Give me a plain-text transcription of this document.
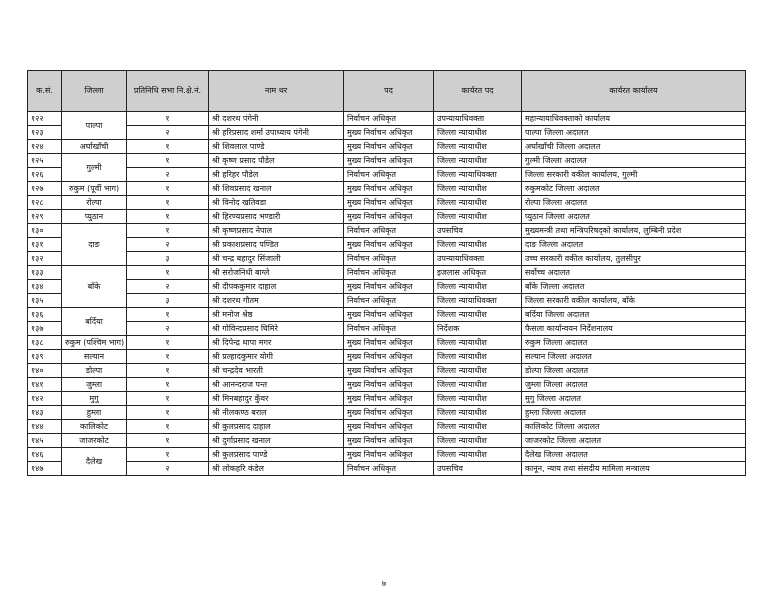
क.सं.	जिल्ला	प्रतिनिधि सभा नि.क्षे.नं.	नाम थर	पद	कार्यरत पद	कार्यरत कार्यालय
१२२	पाल्पा	१	श्री दशरथ पंगेनी	निर्वाचन अधिकृत	उपन्यायाधिवक्ता	महान्यायाधिवक्ताको कार्यालय
१२३		२	श्री हरिप्रसाद शर्मा उपाध्याय पंगेनी	मुख्य निर्वाचन अधिकृत	जिल्ला न्यायाधीश	पाल्पा जिल्ला अदालत
१२४	अर्घाखाँची	१	श्री शिवलाल पाण्डे	मुख्य निर्वाचन अधिकृत	जिल्ला न्यायाधीश	अर्घाखाँची जिल्ला अदालत
१२५	गुल्मी	१	श्री कृष्ण प्रसाद पौडेल	मुख्य निर्वाचन अधिकृत	जिल्ला न्यायाधीश	गुल्मी जिल्ला अदालत
१२६		२	श्री हरिहर पौडेल	निर्वाचन अधिकृत	जिल्ला न्यायाधिवक्ता	जिल्ला सरकारी वकील कार्यालय, गुल्मी
१२७	रुकुम (पूर्वी भाग)	१	श्री शिवप्रसाद खनाल	मुख्य निर्वाचन अधिकृत	जिल्ला न्यायाधीश	रुकुमकोट जिल्ला अदालत
१२८	रोल्पा	१	श्री विनोद खतिवडा	मुख्य निर्वाचन अधिकृत	जिल्ला न्यायाधीश	रोल्पा जिल्ला अदालत
१२९	प्युठान	१	श्री हिरण्यप्रसाद भण्डारी	मुख्य निर्वाचन अधिकृत	जिल्ला न्यायाधीश	प्युठान जिल्ला अदालत
१३०	दाङ	१	श्री कृष्णप्रसाद नेपाल	निर्वाचन अधिकृत	उपसचिव	मुख्यमन्त्री तथा मन्त्रिपरिषद्को कार्यालय, लुम्बिनी प्रदेश
१३१		२	श्री प्रकाशप्रसाद पण्डित	मुख्य निर्वाचन अधिकृत	जिल्ला न्यायाधीश	दाङ जिल्ला अदालत
१३२		३	श्री चन्द्र बहादुर सिंजाली	निर्वाचन अधिकृत	उपन्यायाधिवक्ता	उच्च सरकारी वकील कार्यालय, तुलसीपुर
१३३	बाँके	१	श्री सरोजनिधी बाग्ले	निर्वाचन अधिकृत	इजलास अधिकृत	सर्वोच्च अदालत
१३४		२	श्री दीपककुमार दाहाल	मुख्य निर्वाचन अधिकृत	जिल्ला न्यायाधीश	बाँके जिल्ला अदालत
१३५		३	श्री दशरथ गौतम	निर्वाचन अधिकृत	जिल्ला न्यायाधिवक्ता	जिल्ला सरकारी वकील कार्यालय, बाँके
१३६	बर्दिया	१	श्री मनोज श्रेष्ठ	मुख्य निर्वाचन अधिकृत	जिल्ला न्यायाधीश	बर्दिया जिल्ला अदालत
१३७		२	श्री गोविन्दप्रसाद घिमिरे	निर्वाचन अधिकृत	निर्देशक	फैसला कार्यान्वयन निर्देशनालय
१३८	रुकुम (पश्चिम भाग)	१	श्री दिपेन्द्र थापा मगर	मुख्य निर्वाचन अधिकृत	जिल्ला न्यायाधीश	रुकुम जिल्ला अदालत
१३९	सल्यान	१	श्री प्रल्हादकुमार योगी	मुख्य निर्वाचन अधिकृत	जिल्ला न्यायाधीश	सल्यान जिल्ला अदालत
१४०	डोल्पा	१	श्री चन्द्रदेव भारती	मुख्य निर्वाचन अधिकृत	जिल्ला न्यायाधीश	डोल्पा जिल्ला अदालत
१४१	जुम्ला	१	श्री आनन्दराज पन्त	मुख्य निर्वाचन अधिकृत	जिल्ला न्यायाधीश	जुम्ला जिल्ला अदालत
१४२	मुगु	१	श्री मिनबहादुर कुँवर	मुख्य निर्वाचन अधिकृत	जिल्ला न्यायाधीश	मुगु जिल्ला अदालत
१४३	हुम्ला	१	श्री नीलकण्ठ बराल	मुख्य निर्वाचन अधिकृत	जिल्ला न्यायाधीश	हुम्ला जिल्ला अदालत
१४४	कालिकोट	१	श्री कुलप्रसाद दाहाल	मुख्य निर्वाचन अधिकृत	जिल्ला न्यायाधीश	कालिकोट जिल्ला अदालत
१४५	जाजरकोट	१	श्री दुर्गाप्रसाद खनाल	मुख्य निर्वाचन अधिकृत	जिल्ला न्यायाधीश	जाजरकोट जिल्ला अदालत
१४६	दैलेख	१	श्री कुलप्रसाद पाण्डे	मुख्य निर्वाचन अधिकृत	जिल्ला न्यायाधीश	दैलेख जिल्ला अदालत
१४७		२	श्री लोकहरि कंडेल	निर्वाचन अधिकृत	उपसचिव	कानून, न्याय तथा संसदीय मामिला मन्त्रालय
७
